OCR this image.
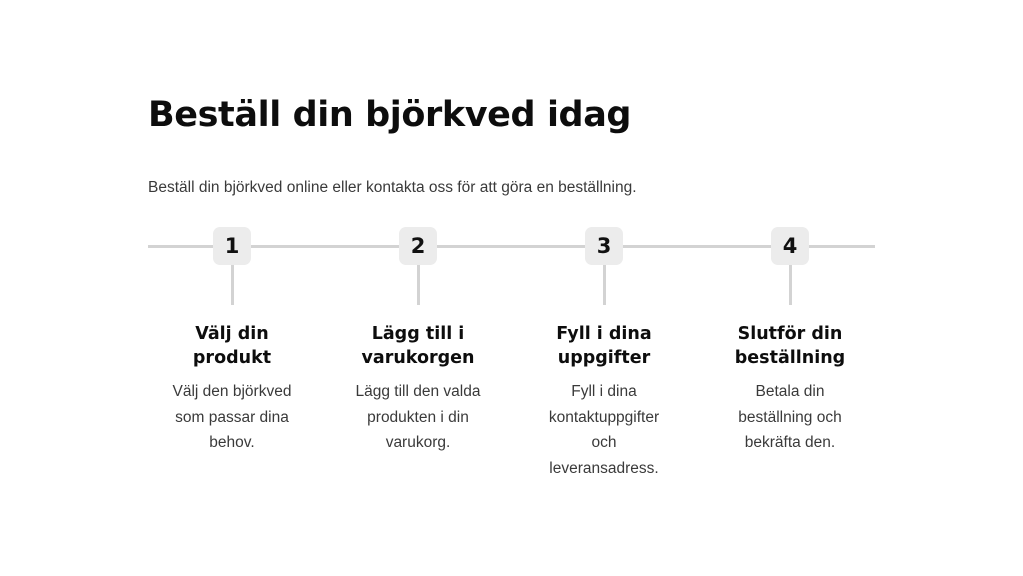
Beställ din björkved idag

Beställ din björkved online eller kontakta oss för att göra en beställning.

1
Välj din produkt

Välj den björkved som passar dina behov.

2
Lägg till i varukorgen

Lägg till den valda produkten i din varukorg.

3
Fyll i dina uppgifter

Fyll i dina kontaktuppgifter och leveransadress.

4
Slutför din beställning

Betala din beställning och bekräfta den.
